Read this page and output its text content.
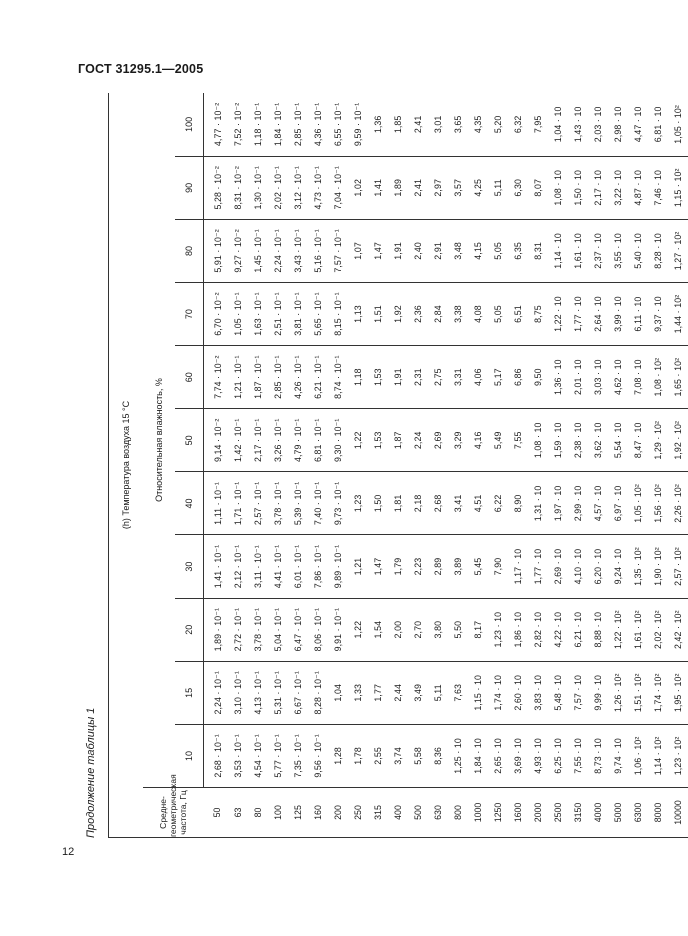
ГОСТ 31295.1—2005
12
Продолжение таблицы 1
(h) Температура воздуха 15 °С											
Средне-
геометрическая
частота, Гц	Относительная влажность, %										
	10	15	20	30	40	50	60	70	80	90	100
50	2,68 · 10⁻¹	2,24 · 10⁻¹	1,89 · 10⁻¹	1,41 · 10⁻¹	1,11 · 10⁻¹	9,14 · 10⁻²	7,74 · 10⁻²	6,70 · 10⁻²	5,91 · 10⁻²	5,28 · 10⁻²	4,77 · 10⁻²
63	3,53 · 10⁻¹	3,10 · 10⁻¹	2,72 · 10⁻¹	2,12 · 10⁻¹	1,71 · 10⁻¹	1,42 · 10⁻¹	1,21 · 10⁻¹	1,05 · 10⁻¹	9,27 · 10⁻²	8,31 · 10⁻²	7,52 · 10⁻²
80	4,54 · 10⁻¹	4,13 · 10⁻¹	3,78 · 10⁻¹	3,11 · 10⁻¹	2,57 · 10⁻¹	2,17 · 10⁻¹	1,87 · 10⁻¹	1,63 · 10⁻¹	1,45 · 10⁻¹	1,30 · 10⁻¹	1,18 · 10⁻¹
100	5,77 · 10⁻¹	5,31 · 10⁻¹	5,04 · 10⁻¹	4,41 · 10⁻¹	3,78 · 10⁻¹	3,26 · 10⁻¹	2,85 · 10⁻¹	2,51 · 10⁻¹	2,24 · 10⁻¹	2,02 · 10⁻¹	1,84 · 10⁻¹
125	7,35 · 10⁻¹	6,67 · 10⁻¹	6,47 · 10⁻¹	6,01 · 10⁻¹	5,39 · 10⁻¹	4,79 · 10⁻¹	4,26 · 10⁻¹	3,81 · 10⁻¹	3,43 · 10⁻¹	3,12 · 10⁻¹	2,85 · 10⁻¹
160	9,56 · 10⁻¹	8,28 · 10⁻¹	8,06 · 10⁻¹	7,86 · 10⁻¹	7,40 · 10⁻¹	6,81 · 10⁻¹	6,21 · 10⁻¹	5,65 · 10⁻¹	5,16 · 10⁻¹	4,73 · 10⁻¹	4,36 · 10⁻¹
200	1,28	1,04	9,91 · 10⁻¹	9,89 · 10⁻¹	9,73 · 10⁻¹	9,30 · 10⁻¹	8,74 · 10⁻¹	8,15 · 10⁻¹	7,57 · 10⁻¹	7,04 · 10⁻¹	6,55 · 10⁻¹
250	1,78	1,33	1,22	1,21	1,23	1,22	1,18	1,13	1,07	1,02	9,59 · 10⁻¹
315	2,55	1,77	1,54	1,47	1,50	1,53	1,53	1,51	1,47	1,41	1,36
400	3,74	2,44	2,00	1,79	1,81	1,87	1,91	1,92	1,91	1,89	1,85
500	5,58	3,49	2,70	2,23	2,18	2,24	2,31	2,36	2,40	2,41	2,41
630	8,36	5,11	3,80	2,89	2,68	2,69	2,75	2,84	2,91	2,97	3,01
800	1,25 · 10	7,63	5,50	3,89	3,41	3,29	3,31	3,38	3,48	3,57	3,65
1000	1,84 · 10	1,15 · 10	8,17	5,45	4,51	4,16	4,06	4,08	4,15	4,25	4,35
1250	2,65 · 10	1,74 · 10	1,23 · 10	7,90	6,22	5,49	5,17	5,05	5,05	5,11	5,20
1600	3,69 · 10	2,60 · 10	1,86 · 10	1,17 · 10	8,90	7,55	6,86	6,51	6,35	6,30	6,32
2000	4,93 · 10	3,83 · 10	2,82 · 10	1,77 · 10	1,31 · 10	1,08 · 10	9,50	8,75	8,31	8,07	7,95
2500	6,25 · 10	5,48 · 10	4,22 · 10	2,69 · 10	1,97 · 10	1,59 · 10	1,36 · 10	1,22 · 10	1,14 · 10	1,08 · 10	1,04 · 10
3150	7,55 · 10	7,57 · 10	6,21 · 10	4,10 · 10	2,99 · 10	2,38 · 10	2,01 · 10	1,77 · 10	1,61 · 10	1,50 · 10	1,43 · 10
4000	8,73 · 10	9,99 · 10	8,88 · 10	6,20 · 10	4,57 · 10	3,62 · 10	3,03 · 10	2,64 · 10	2,37 · 10	2,17 · 10	2,03 · 10
5000	9,74 · 10	1,26 · 10²	1,22 · 10²	9,24 · 10	6,97 · 10	5,54 · 10	4,62 · 10	3,99 · 10	3,55 · 10	3,22 · 10	2,98 · 10
6300	1,06 · 10²	1,51 · 10²	1,61 · 10²	1,35 · 10²	1,05 · 10²	8,47 · 10	7,08 · 10	6,11 · 10	5,40 · 10	4,87 · 10	4,47 · 10
8000	1,14 · 10²	1,74 · 10²	2,02 · 10²	1,90 · 10²	1,56 · 10²	1,29 · 10²	1,08 · 10²	9,37 · 10	8,28 · 10	7,46 · 10	6,81 · 10
10000	1,23 · 10²	1,95 · 10²	2,42 · 10²	2,57 · 10²	2,26 · 10²	1,92 · 10²	1,65 · 10²	1,44 · 10²	1,27 · 10²	1,15 · 10²	1,05 · 10²
